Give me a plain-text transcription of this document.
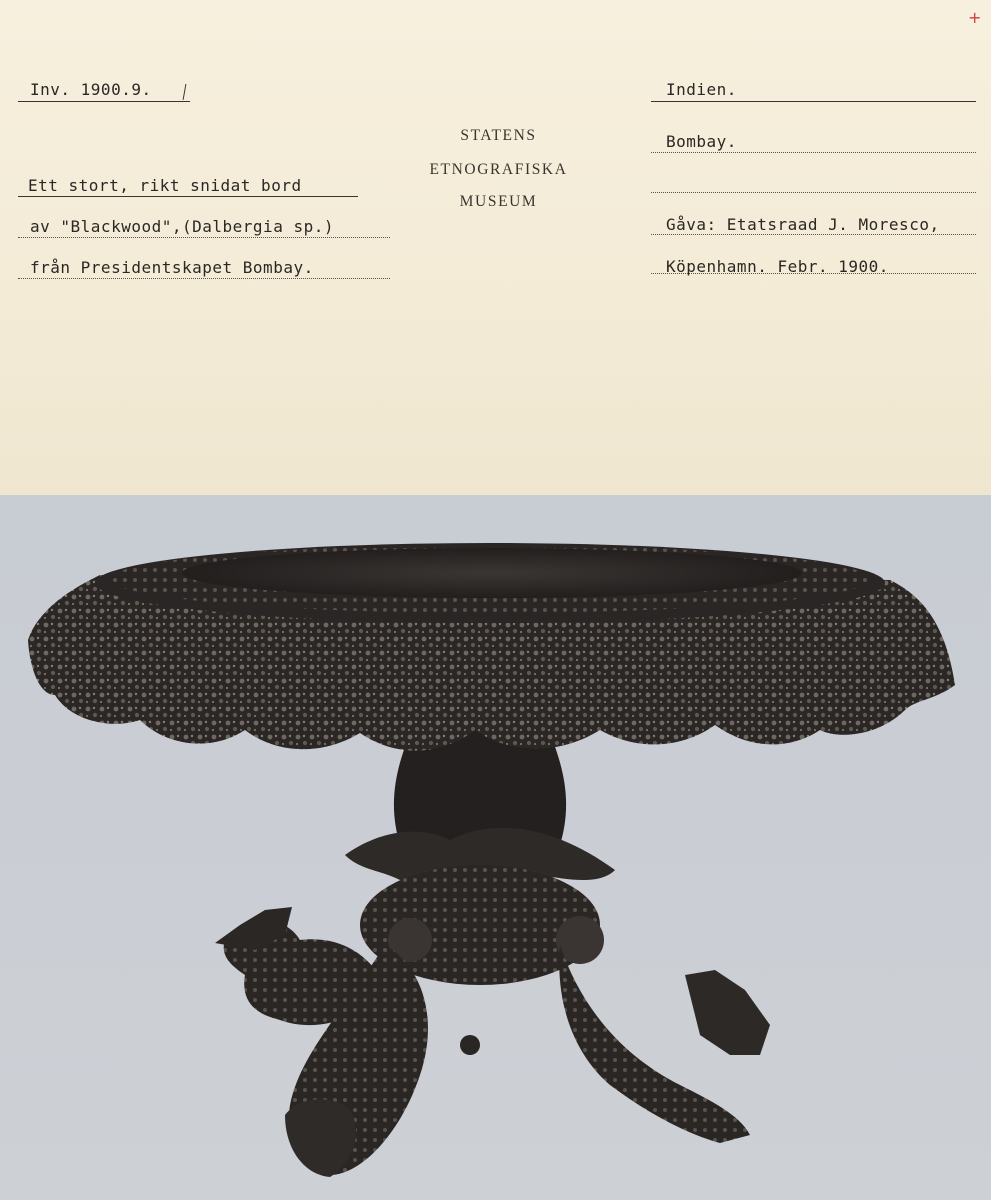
Inv. 1900.9.
STATENS
ETNOGRAFISKA
MUSEUM
Ett stort, rikt snidat bord
av "Blackwood",(Dalbergia sp.)
från Presidentskapet Bombay.
Indien.
Bombay.
Gåva: Etatsraad J. Moresco,
Köpenhamn. Febr. 1900.
+
